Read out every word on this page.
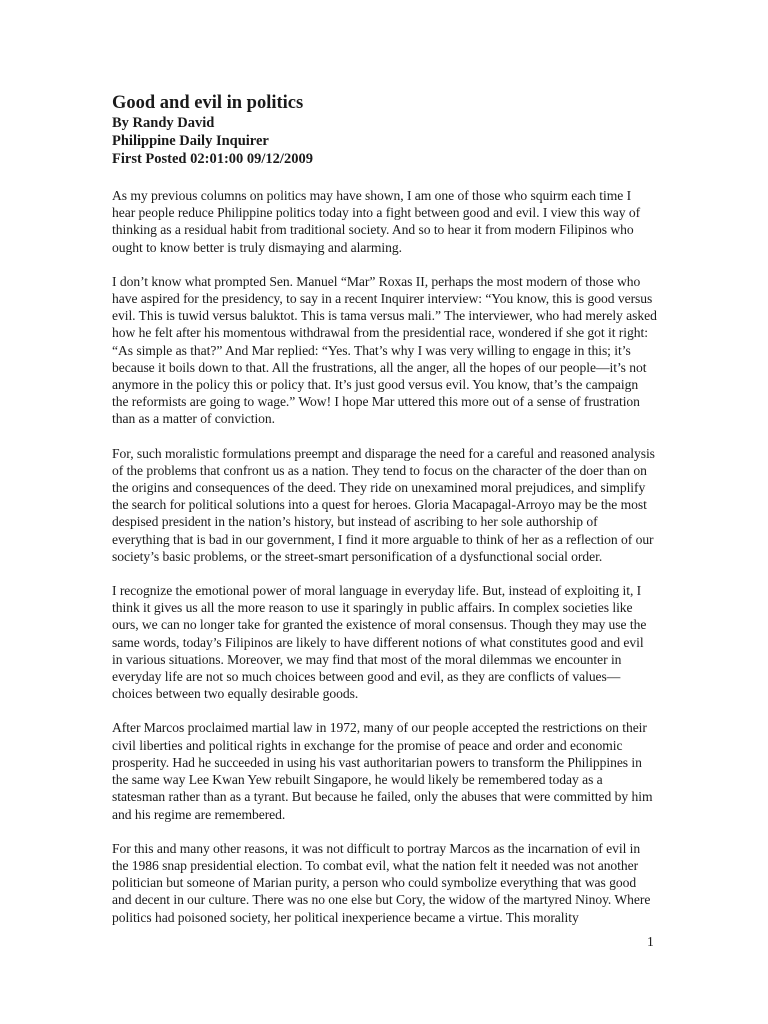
Good and evil in politics

By Randy David

Philippine Daily Inquirer

First Posted 02:01:00 09/12/2009

As my previous columns on politics may have shown, I am one of those who squirm each time I hear people reduce Philippine politics today into a fight between good and evil. I view this way of thinking as a residual habit from traditional society. And so to hear it from modern Filipinos who ought to know better is truly dismaying and alarming.

I don’t know what prompted Sen. Manuel “Mar” Roxas II, perhaps the most modern of those who have aspired for the presidency, to say in a recent Inquirer interview: “You know, this is good versus evil. This is tuwid versus baluktot. This is tama versus mali.” The interviewer, who had merely asked how he felt after his momentous withdrawal from the presidential race, wondered if she got it right: “As simple as that?” And Mar replied: “Yes. That’s why I was very willing to engage in this; it’s because it boils down to that. All the frustrations, all the anger, all the hopes of our people—it’s not anymore in the policy this or policy that. It’s just good versus evil. You know, that’s the campaign the reformists are going to wage.” Wow! I hope Mar uttered this more out of a sense of frustration than as a matter of conviction.

For, such moralistic formulations preempt and disparage the need for a careful and reasoned analysis of the problems that confront us as a nation. They tend to focus on the character of the doer than on the origins and consequences of the deed. They ride on unexamined moral prejudices, and simplify the search for political solutions into a quest for heroes. Gloria Macapagal-Arroyo may be the most despised president in the nation’s history, but instead of ascribing to her sole authorship of everything that is bad in our government, I find it more arguable to think of her as a reflection of our society’s basic problems, or the street-smart personification of a dysfunctional social order.

I recognize the emotional power of moral language in everyday life. But, instead of exploiting it, I think it gives us all the more reason to use it sparingly in public affairs. In complex societies like ours, we can no longer take for granted the existence of moral consensus. Though they may use the same words, today’s Filipinos are likely to have different notions of what constitutes good and evil in various situations. Moreover, we may find that most of the moral dilemmas we encounter in everyday life are not so much choices between good and evil, as they are conflicts of values—choices between two equally desirable goods.

After Marcos proclaimed martial law in 1972, many of our people accepted the restrictions on their civil liberties and political rights in exchange for the promise of peace and order and economic prosperity. Had he succeeded in using his vast authoritarian powers to transform the Philippines in the same way Lee Kwan Yew rebuilt Singapore, he would likely be remembered today as a statesman rather than as a tyrant. But because he failed, only the abuses that were committed by him and his regime are remembered.

For this and many other reasons, it was not difficult to portray Marcos as the incarnation of evil in the 1986 snap presidential election. To combat evil, what the nation felt it needed was not another politician but someone of Marian purity, a person who could symbolize everything that was good and decent in our culture. There was no one else but Cory, the widow of the martyred Ninoy. Where politics had poisoned society, her political inexperience became a virtue. This morality

1
